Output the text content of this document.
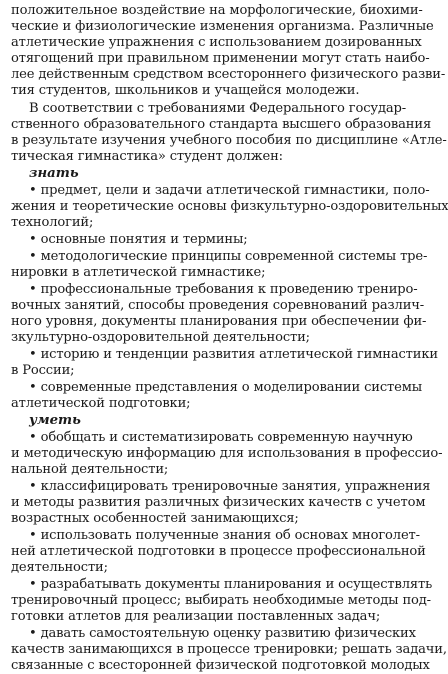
положительное воздействие на морфологические, биохими-
ческие и физиологические изменения организма. Различные
атлетические упражнения с использованием дозированных
отягощений при правильном применении могут стать наибо-
лее действенным средством всестороннего физического разви-
тия студентов, школьников и учащейся молодежи.
В соответствии с требованиями Федерального государ-
ственного образовательного стандарта высшего образования
в результате изучения учебного пособия по дисциплине «Атле-
тическая гимнастика» студент должен:
знать
• предмет, цели и задачи атлетической гимнастики, поло-
жения и теоретические основы физкультурно-оздоровительных
технологий;
• основные понятия и термины;
• методологические принципы современной системы тре-
нировки в атлетической гимнастике;
• профессиональные требования к проведению трениро-
вочных занятий, способы проведения соревнований различ-
ного уровня, документы планирования при обеспечении фи-
зкультурно-оздоровительной деятельности;
• историю и тенденции развития атлетической гимнастики
в России;
• современные представления о моделировании системы
атлетической подготовки;
уметь
• обобщать и систематизировать современную научную
и методическую информацию для использования в профессио-
нальной деятельности;
• классифицировать тренировочные занятия, упражнения
и методы развития различных физических качеств с учетом
возрастных особенностей занимающихся;
• использовать полученные знания об основах многолет-
ней атлетической подготовки в процессе профессиональной
деятельности;
• разрабатывать документы планирования и осуществлять
тренировочный процесс; выбирать необходимые методы под-
готовки атлетов для реализации поставленных задач;
• давать самостоятельную оценку развитию физических
качеств занимающихся в процессе тренировки; решать задачи,
связанные с всесторонней физической подготовкой молодых
